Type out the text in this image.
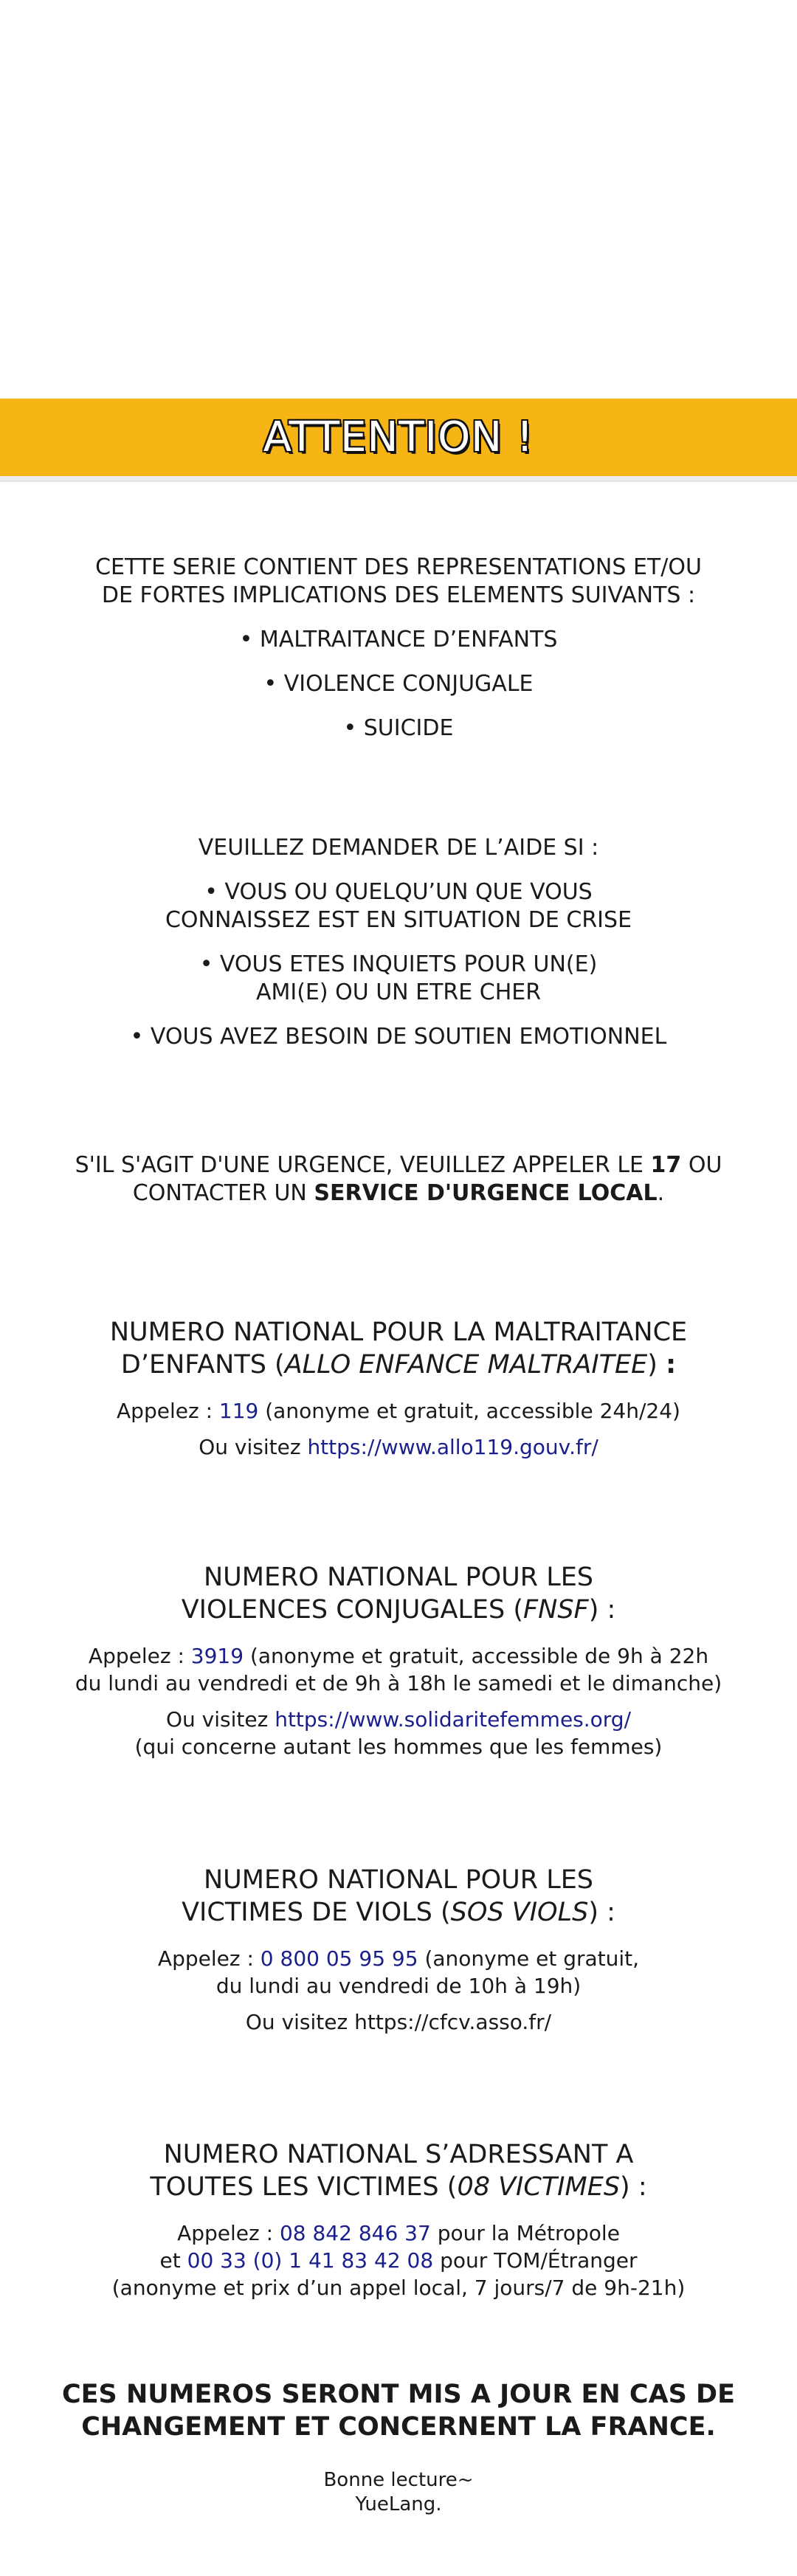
ATTENTION !
CETTE SERIE CONTIENT DES REPRESENTATIONS ET/OU
DE FORTES IMPLICATIONS DES ELEMENTS SUIVANTS :
• MALTRAITANCE D’ENFANTS
• VIOLENCE CONJUGALE
• SUICIDE
VEUILLEZ DEMANDER DE L’AIDE SI :
• VOUS OU QUELQU’UN QUE VOUS
CONNAISSEZ EST EN SITUATION DE CRISE
• VOUS ETES INQUIETS POUR UN(E)
AMI(E) OU UN ETRE CHER
• VOUS AVEZ BESOIN DE SOUTIEN EMOTIONNEL
S'IL S'AGIT D'UNE URGENCE, VEUILLEZ APPELER LE 17 OU
CONTACTER UN SERVICE D'URGENCE LOCAL.
NUMERO NATIONAL POUR LA MALTRAITANCE
D’ENFANTS (ALLO ENFANCE MALTRAITEE) :
Appelez : 119 (anonyme et gratuit, accessible 24h/24)
Ou visitez https://www.allo119.gouv.fr/
NUMERO NATIONAL POUR LES
VIOLENCES CONJUGALES (FNSF) :
Appelez : 3919 (anonyme et gratuit, accessible de 9h à 22h
du lundi au vendredi et de 9h à 18h le samedi et le dimanche)
Ou visitez https://www.solidaritefemmes.org/
(qui concerne autant les hommes que les femmes)
NUMERO NATIONAL POUR LES
VICTIMES DE VIOLS (SOS VIOLS) :
Appelez : 0 800 05 95 95 (anonyme et gratuit,
du lundi au vendredi de 10h à 19h)
Ou visitez https://cfcv.asso.fr/
NUMERO NATIONAL S’ADRESSANT A
TOUTES LES VICTIMES (08 VICTIMES) :
Appelez : 08 842 846 37 pour la Métropole
et 00 33 (0) 1 41 83 42 08 pour TOM/Étranger
(anonyme et prix d’un appel local, 7 jours/7 de 9h-21h)
CES NUMEROS SERONT MIS A JOUR EN CAS DE
CHANGEMENT ET CONCERNENT LA FRANCE.
Bonne lecture~
YueLang.
